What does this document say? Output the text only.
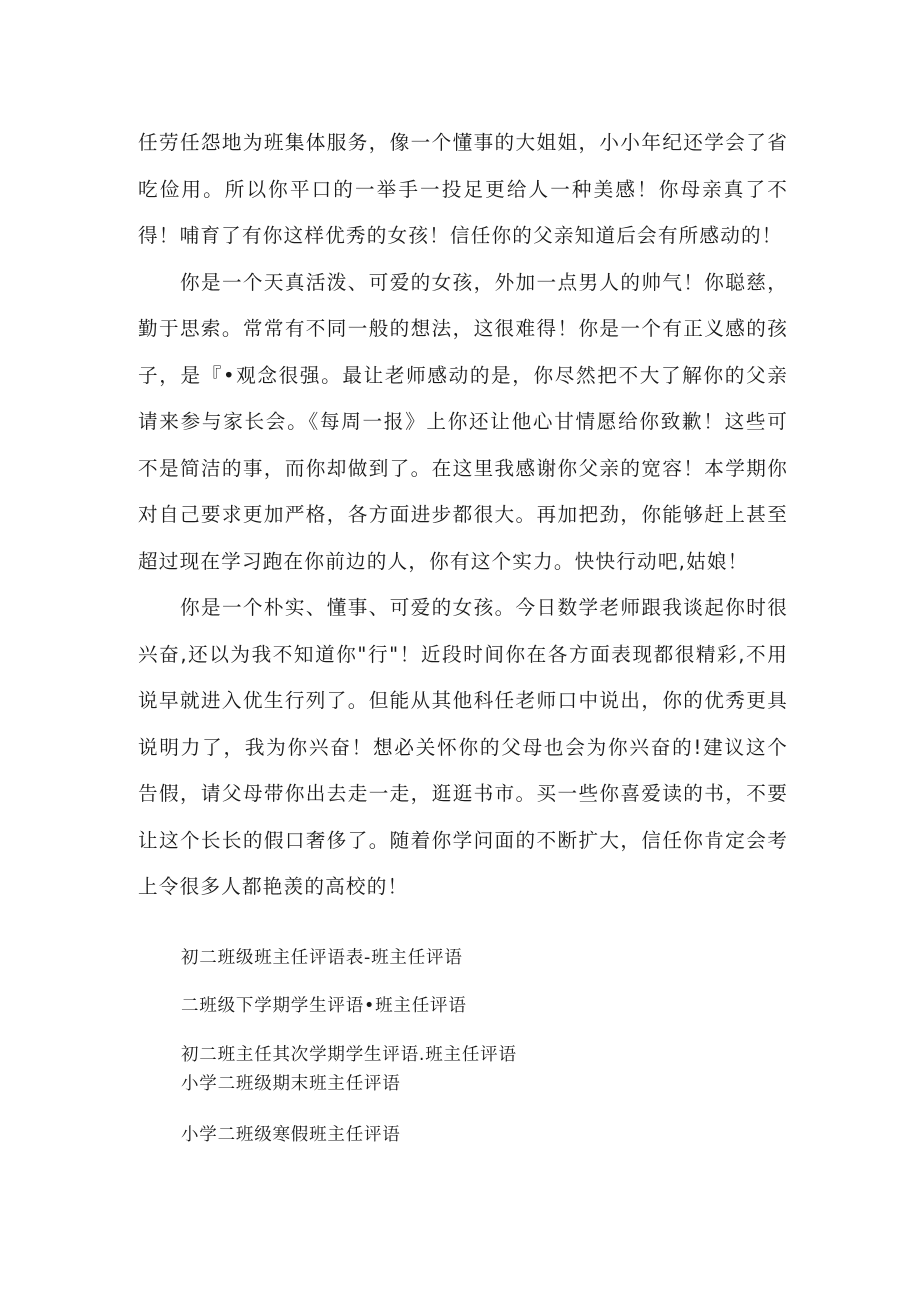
任劳任怨地为班集体服务，像一个懂事的大姐姐，小小年纪还学会了省吃俭用。所以你平口的一举手一投足更给人一种美感！你母亲真了不得！哺育了有你这样优秀的女孩！信任你的父亲知道后会有所感动的！

你是一个天真活泼、可爱的女孩，外加一点男人的帅气！你聪慈，勤于思索。常常有不同一般的想法，这很难得！你是一个有正义感的孩子，是『•观念很强。最让老师感动的是，你尽然把不大了解你的父亲请来参与家长会。《每周一报》上你还让他心甘情愿给你致歉！这些可不是简洁的事，而你却做到了。在这里我感谢你父亲的宽容！本学期你对自己要求更加严格，各方面进步都很大。再加把劲，你能够赶上甚至超过现在学习跑在你前边的人，你有这个实力。快快行动吧,姑娘！

你是一个朴实、懂事、可爱的女孩。今日数学老师跟我谈起你时很兴奋,还以为我不知道你"行"！近段时间你在各方面表现都很精彩,不用说早就进入优生行列了。但能从其他科任老师口中说出，你的优秀更具说明力了，我为你兴奋！想必关怀你的父母也会为你兴奋的!建议这个告假，请父母带你出去走一走，逛逛书市。买一些你喜爱读的书，不要让这个长长的假口奢侈了。随着你学问面的不断扩大，信任你肯定会考上令很多人都艳羡的高校的！

初二班级班主任评语表-班主任评语
二班级下学期学生评语•班主任评语
初二班主任其次学期学生评语.班主任评语
小学二班级期末班主任评语
小学二班级寒假班主任评语
